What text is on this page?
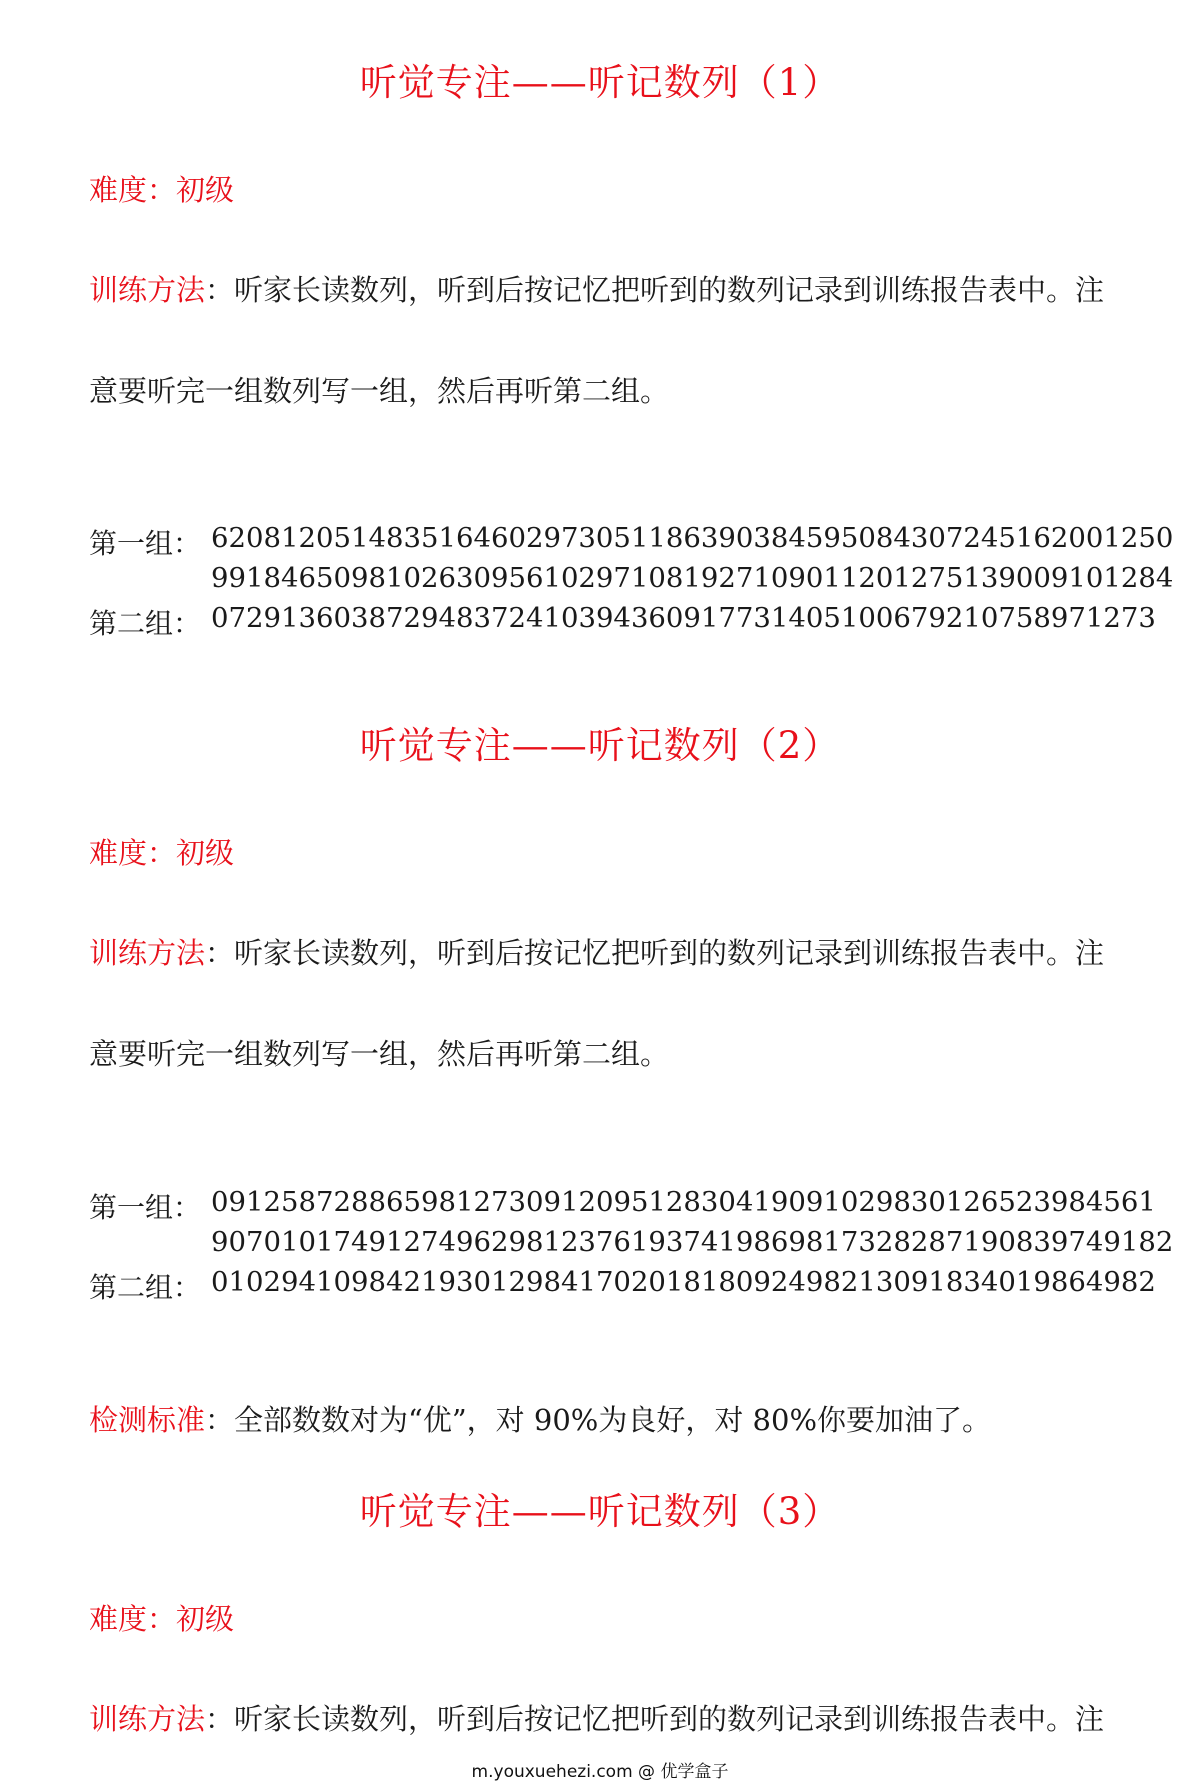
听觉专注——听记数列（1）
难度：初级
训练方法：听家长读数列，听到后按记忆把听到的数列记录到训练报告表中。注
意要听完一组数列写一组，然后再听第二组。
第一组： 62081 20514 83516 46029 73051 18639 03845 95084 30724 51620 01250
99184 65098 10263 09561 02971 08192 71090 11201 27513 90091 01284
第二组： 072913 603872 948372 410394 360917 731405 100679 210758 971273
听觉专注——听记数列（2）
难度：初级
训练方法：听家长读数列，听到后按记忆把听到的数列记录到训练报告表中。注
意要听完一组数列写一组，然后再听第二组。
第一组： 09125 87288 6598 12730 91209 51283 04190 91029 83012 65239 84561
90701 01749 12749 62981 23761 93741 98698 17328 28719 08397 49182
第二组： 010294 109842 193012 984170 201818 092498 213091 834019 864982
检测标准：全部数数对为“优”，对 90%为良好，对 80%你要加油了。
听觉专注——听记数列（3）
难度：初级
训练方法：听家长读数列，听到后按记忆把听到的数列记录到训练报告表中。注
m.youxuehezi.com @ 优学盒子
